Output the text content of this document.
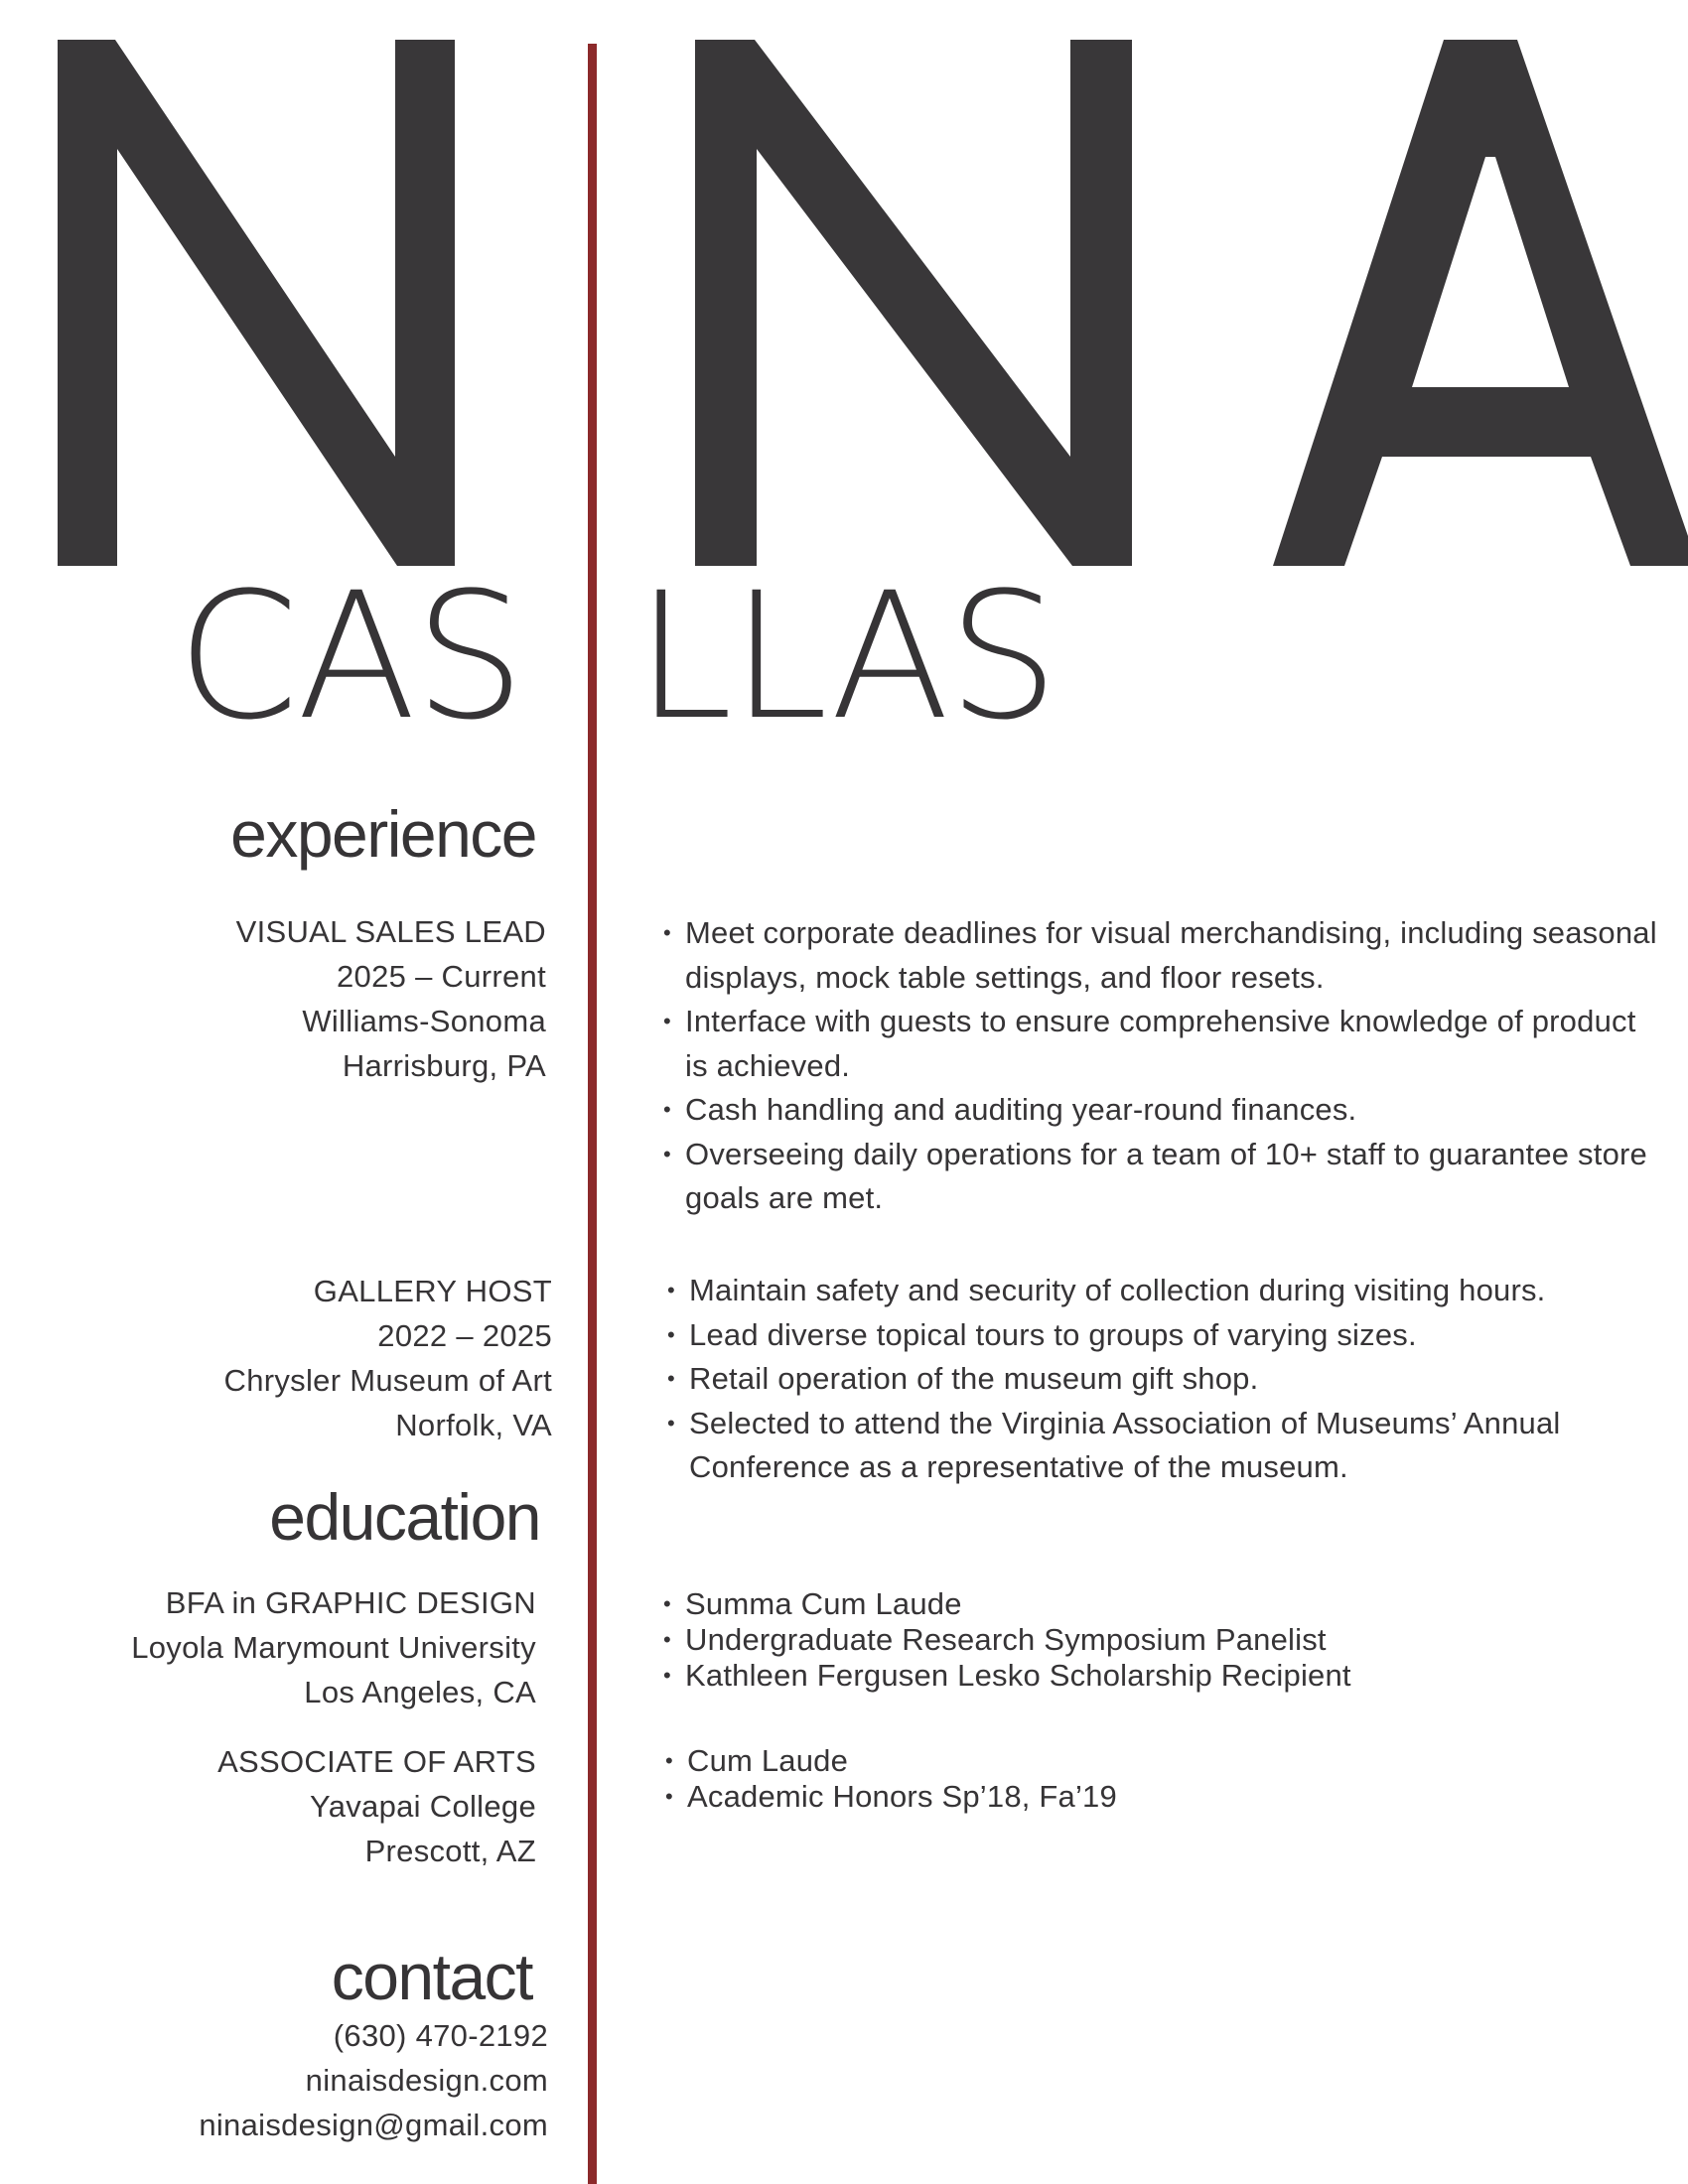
CAS LLAS
experience
VISUAL SALES LEAD
2025 – Current
Williams-Sonoma
Harrisburg, PA
• Meet corporate deadlines for visual merchandising, including seasonal displays, mock table settings, and floor resets.
• Interface with guests to ensure comprehensive knowledge of product is achieved.
• Cash handling and auditing year-round finances.
• Overseeing daily operations for a team of 10+ staff to guarantee store goals are met.
GALLERY HOST
2022 – 2025
Chrysler Museum of Art
Norfolk, VA
• Maintain safety and security of collection during visiting hours.
• Lead diverse topical tours to groups of varying sizes.
• Retail operation of the museum gift shop.
• Selected to attend the Virginia Association of Museums’ Annual Conference as a representative of the museum.
education
BFA in GRAPHIC DESIGN
Loyola Marymount University
Los Angeles, CA
• Summa Cum Laude
• Undergraduate Research Symposium Panelist
• Kathleen Fergusen Lesko Scholarship Recipient
ASSOCIATE OF ARTS
Yavapai College
Prescott, AZ
• Cum Laude
• Academic Honors Sp’18, Fa’19
contact
(630) 470-2192
ninaisdesign.com
ninaisdesign@gmail.com
